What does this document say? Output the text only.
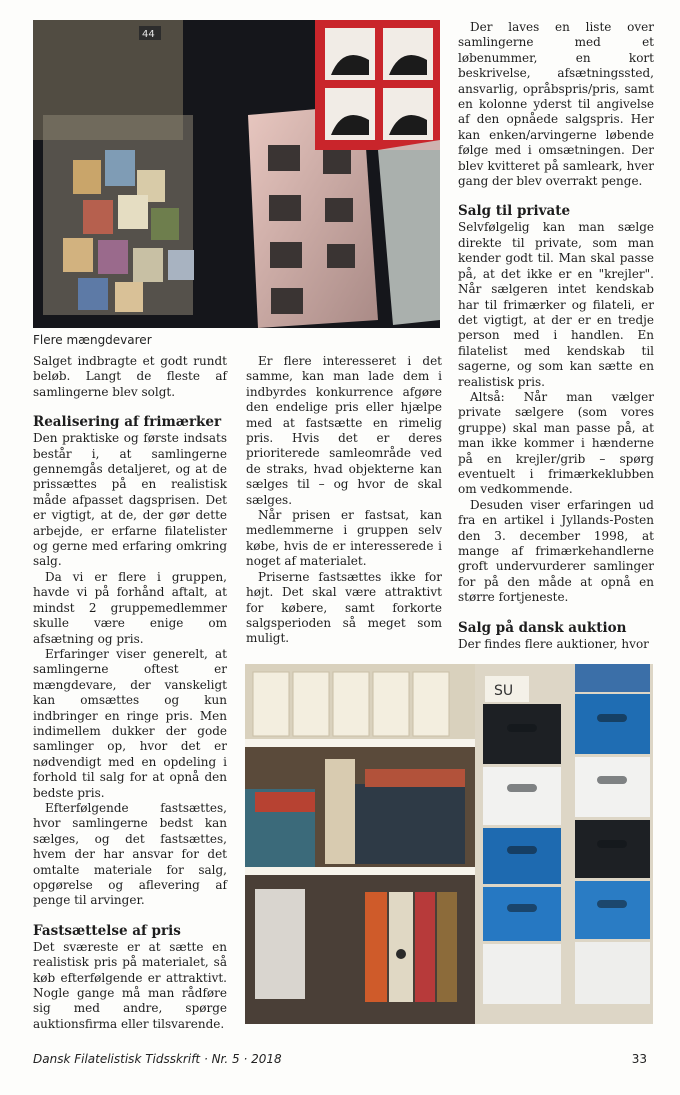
44
Flere mængdevarer

Salget indbragte et godt rundt beløb. Langt de fleste af samlingerne blev solgt.

Realisering af frimærker

Den praktiske og første indsats består i, at samlingerne gennemgås detaljeret, og at de prissættes på en realistisk måde afpasset dagsprisen. Det er vigtigt, at de, der gør dette arbejde, er erfarne filatelister og gerne med erfaring omkring salg.

Da vi er flere i gruppen, havde vi på forhånd aftalt, at mindst 2 gruppemedlemmer skulle være enige om afsætning og pris.

Erfaringer viser generelt, at samlingerne oftest er mængdevare, der vanskeligt kan omsættes og kun indbringer en ringe pris. Men indimellem dukker der gode samlinger op, hvor det er nødvendigt med en opdeling i forhold til salg for at opnå den bedste pris.

Efterfølgende fastsættes, hvor samlingerne bedst kan sælges, og det fastsættes, hvem der har ansvar for det omtalte materiale for salg, opgørelse og aflevering af penge til arvinger.

Fastsættelse af pris

Det sværeste er at sætte en realistisk pris på materialet, så køb efterfølgende er attraktivt. Nogle gange må man rådføre sig med andre, spørge auktionsfirma eller tilsvarende.

Er flere interesseret i det samme, kan man lade dem i indbyrdes konkurrence afgøre den endelige pris eller hjælpe med at fastsætte en rimelig pris. Hvis det er deres prioriterede samleområde ved de straks, hvad objekterne kan sælges til – og hvor de skal sælges.

Når prisen er fastsat, kan medlemmerne i gruppen selv købe, hvis de er interesserede i noget af materialet.

Priserne fastsættes ikke for højt. Det skal være attraktivt for købere, samt forkorte salgsperioden så meget som muligt.

Der laves en liste over samlingerne med et løbenummer, en kort beskrivelse, afsætningssted, ansvarlig, opråbspris/pris, samt en kolonne yderst til angivelse af den opnåede salgspris. Her kan enken/arvingerne løbende følge med i omsætningen. Der blev kvitteret på samleark, hver gang der blev overrakt penge.

Salg til private

Selvfølgelig kan man sælge direkte til private, som man kender godt til. Man skal passe på, at det ikke er en "krejler". Når sælgeren intet kendskab har til frimærker og filateli, er det vigtigt, at der er en tredje person med i handlen. En filatelist med kendskab til sagerne, og som kan sætte en realistisk pris.

Altså: Når man vælger private sælgere (som vores gruppe) skal man passe på, at man ikke kommer i hænderne på en krejler/grib – spørg eventuelt i frimærkeklubben om vedkommende.

Desuden viser erfaringen ud fra en artikel i Jyllands-Posten den 3. december 1998, at mange af frimærkehandlerne groft undervurderer samlinger for på den måde at opnå en større fortjeneste.

Salg på dansk auktion

Der findes flere auktioner, hvor

SU
Dansk Filatelistisk Tidsskrift · Nr. 5 · 2018	33
